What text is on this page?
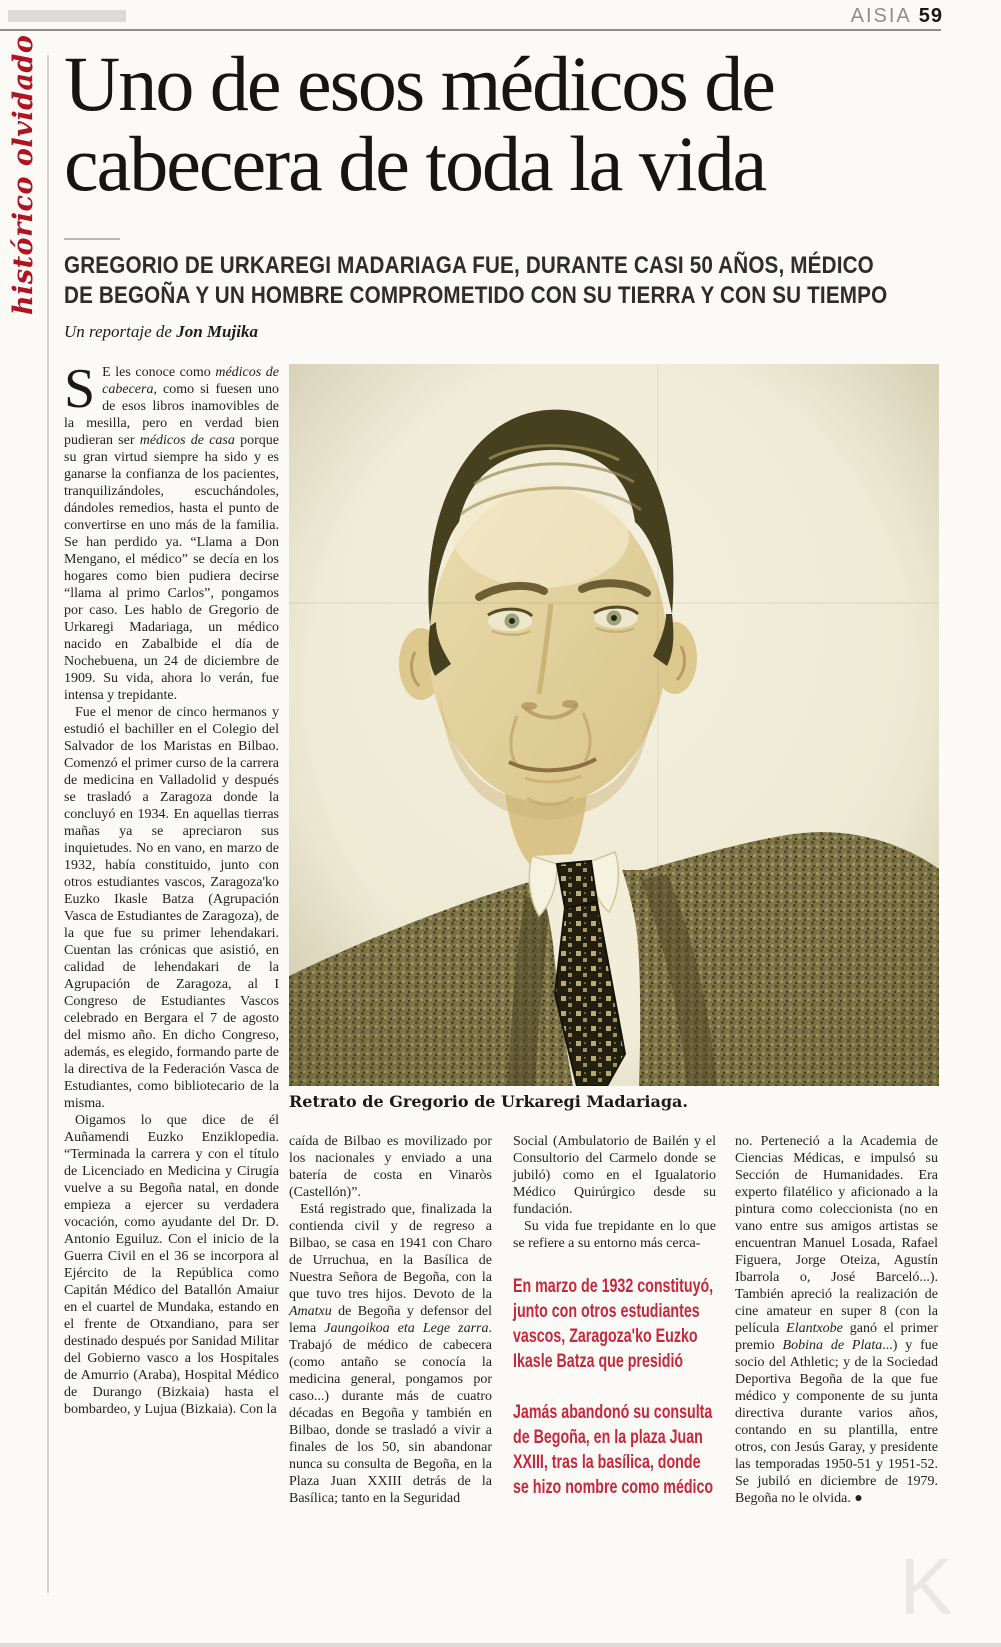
AISIA 59
histórico olvidado Uno de esos médicos de cabecera de toda la vida
GREGORIO DE URKAREGI MADARIAGA FUE, DURANTE CASI 50 AÑOS, MÉDICO DE BEGOÑA Y UN HOMBRE COMPROMETIDO CON SU TIERRA Y CON SU TIEMPO

Un reportaje de Jon Mujika

Retrato de Gregorio de Urkaregi Madariaga.

S E les conoce como médicos de cabecera, como si fuesen uno de esos libros inamovibles de la mesilla, pero en verdad bien pudieran ser médicos de casa porque su gran virtud siempre ha sido y es ganarse la confianza de los pacientes, tranquilizándoles, escuchándoles, dándoles remedios, hasta el punto de convertirse en uno más de la familia. Se han perdido ya. “Llama a Don Mengano, el médico” se decía en los hogares como bien pudiera decirse “llama al primo Carlos”, pongamos por caso. Les hablo de Gregorio de Urkaregi Madariaga, un médico nacido en Zabalbide el día de Nochebuena, un 24 de diciembre de 1909. Su vida, ahora lo verán, fue intensa y trepidante.

Fue el menor de cinco hermanos y estudió el bachiller en el Colegio del Salvador de los Maristas en Bilbao. Comenzó el primer curso de la carrera de medicina en Valladolid y después se trasladó a Zaragoza donde la concluyó en 1934. En aquellas tierras mañas ya se apreciaron sus inquietudes. No en vano, en marzo de 1932, había constituido, junto con otros estudiantes vascos, Zaragoza'ko Euzko Ikasle Batza (Agrupación Vasca de Estudiantes de Zaragoza), de la que fue su primer lehendakari. Cuentan las crónicas que asistió, en calidad de lehendakari de la Agrupación de Zaragoza, al I Congreso de Estudiantes Vascos celebrado en Bergara el 7 de agosto del mismo año. En dicho Congreso, además, es elegido, formando parte de la directiva de la Federación Vasca de Estudiantes, como bibliotecario de la misma.

Oigamos lo que dice de él Auñamendi Euzko Enziklopedia. “Terminada la carrera y con el título de Licenciado en Medicina y Cirugía vuelve a su Begoña natal, en donde empieza a ejercer su verdadera vocación, como ayudante del Dr. D. Antonio Eguiluz. Con el inicio de la Guerra Civil en el 36 se incorpora al Ejército de la República como Capitán Médico del Batallón Amaiur en el cuartel de Mundaka, estando en el frente de Otxandiano, para ser destinado después por Sanidad Militar del Gobierno vasco a los Hospitales de Amurrio (Araba), Hospital Médico de Durango (Bizkaia) hasta el bombardeo, y Lujua (Bizkaia). Con la

caída de Bilbao es movilizado por los nacionales y enviado a una batería de costa en Vinaròs (Castellón)”.

Está registrado que, finalizada la contienda civil y de regreso a Bilbao, se casa en 1941 con Charo de Urruchua, en la Basílica de Nuestra Señora de Begoña, con la que tuvo tres hijos. Devoto de la Amatxu de Begoña y defensor del lema Jaungoikoa eta Lege zarra. Trabajó de médico de cabecera (como antaño se conocía la medicina general, pongamos por caso...) durante más de cuatro décadas en Begoña y también en Bilbao, donde se trasladó a vivir a finales de los 50, sin abandonar nunca su consulta de Begoña, en la Plaza Juan XXIII detrás de la Basílica; tanto en la Seguridad

Social (Ambulatorio de Bailén y el Consultorio del Carmelo donde se jubiló) como en el Igualatorio Médico Quirúrgico desde su fundación.

Su vida fue trepidante en lo que se refiere a su entorno más cerca-

En marzo de 1932 constituyó, junto con otros estudiantes vascos, Zaragoza'ko Euzko Ikasle Batza que presidió

Jamás abandonó su consulta de Begoña, en la plaza Juan XXIII, tras la basílica, donde se hizo nombre como médico

no. Perteneció a la Academia de Ciencias Médicas, e impulsó su Sección de Humanidades. Era experto filatélico y aficionado a la pintura como coleccionista (no en vano entre sus amigos artistas se encuentran Manuel Losada, Rafael Figuera, Jorge Oteiza, Agustín Ibarrola o, José Barceló...). También apreció la realización de cine amateur en super 8 (con la película Elantxobe ganó el primer premio Bobina de Plata...) y fue socio del Athletic; y de la Sociedad Deportiva Begoña de la que fue médico y componente de su junta directiva durante varios años, contando en su plantilla, entre otros, con Jesús Garay, y presidente las temporadas 1950-51 y 1951-52. Se jubiló en diciembre de 1979. Begoña no le olvida. ●

K
